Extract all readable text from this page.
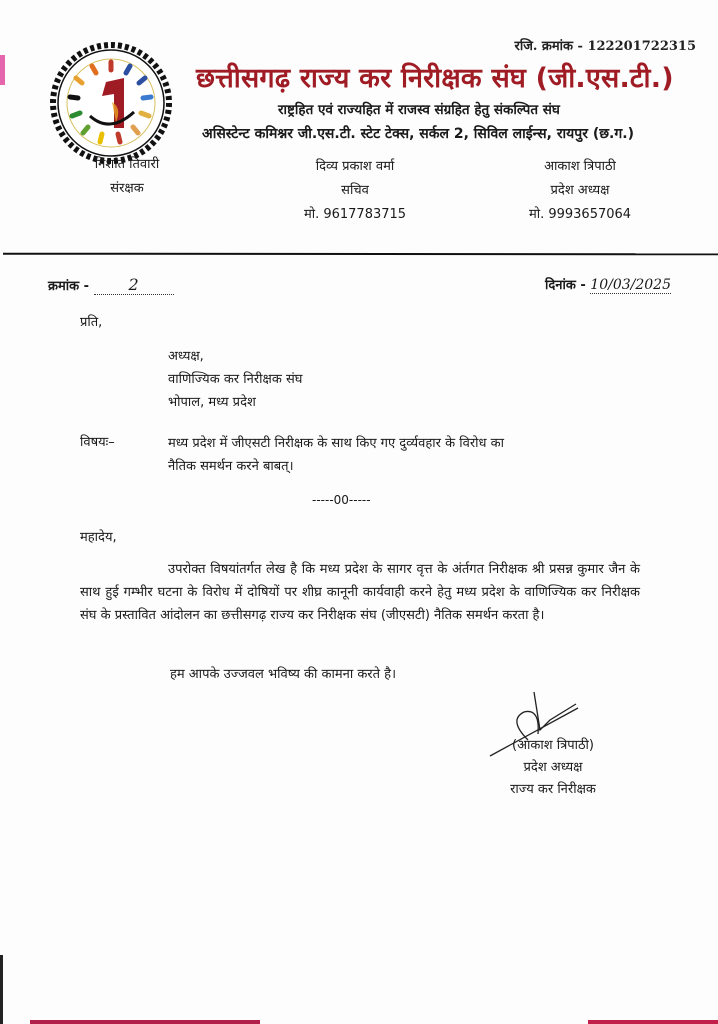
रजि. क्रमांक - 122201722315
छत्तीसगढ़ राज्य कर निरीक्षक संघ (जी.एस.टी.)
राष्ट्रहित एवं राज्यहित में राजस्व संग्रहित हेतु संकल्पित संघ
असिस्टेन्ट कमिश्नर जी.एस.टी. स्टेट टेक्स, सर्कल 2, सिविल लाईन्स, रायपुर (छ.ग.)
निशांत तिवारी
संरक्षक
दिव्य प्रकाश वर्मा
सचिव
मो. 9617783715
आकाश त्रिपाठी
प्रदेश अध्यक्ष
मो. 9993657064
क्रमांक - 2	दिनांक - 10/03/2025
प्रति,
अध्यक्ष,
वाणिज्यिक कर निरीक्षक संघ
भोपाल, मध्य प्रदेश
विषयः–	मध्य प्रदेश में जीएसटी निरीक्षक के साथ किए गए दुर्व्यवहार के विरोध का
नैतिक समर्थन करने बाबत्।
-----00-----
महादेय,
उपरोक्त विषयांतर्गत लेख है कि मध्य प्रदेश के सागर वृत्त के अंर्तगत निरीक्षक श्री प्रसन्न कुमार जैन के साथ हुई गम्भीर घटना के विरोध में दोषियों पर शीघ्र कानूनी कार्यवाही करने हेतु मध्य प्रदेश के वाणिज्यिक कर निरीक्षक संघ के प्रस्तावित आंदोलन का छत्तीसगढ़ राज्य कर निरीक्षक संघ (जीएसटी) नैतिक समर्थन करता है।
हम आपके उज्जवल भविष्य की कामना करते है।
(आकाश त्रिपाठी)
प्रदेश अध्यक्ष
राज्य कर निरीक्षक
